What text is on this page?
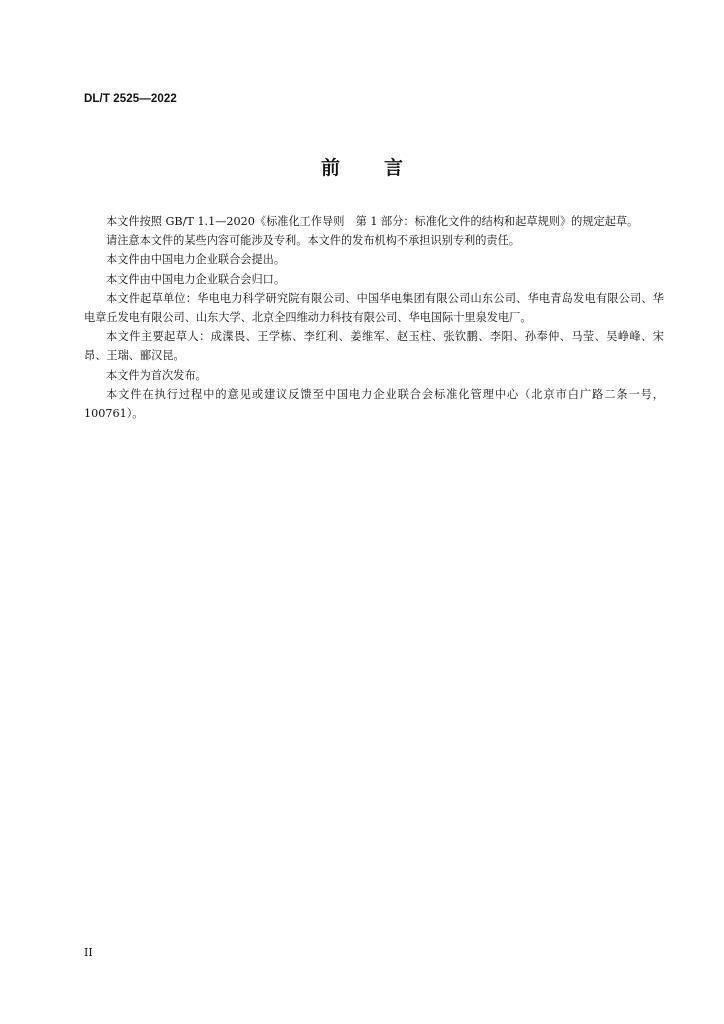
DL/T 2525—2022
前言

本文件按照 GB/T 1.1—2020《标准化工作导则　第 1 部分：标准化文件的结构和起草规则》的规定起草。

请注意本文件的某些内容可能涉及专利。本文件的发布机构不承担识别专利的责任。

本文件由中国电力企业联合会提出。

本文件由中国电力企业联合会归口。

本文件起草单位：华电电力科学研究院有限公司、中国华电集团有限公司山东公司、华电青岛发电有限公司、华电章丘发电有限公司、山东大学、北京全四维动力科技有限公司、华电国际十里泉发电厂。

本文件主要起草人：成渫畏、王学栋、李红利、姜维军、赵玉柱、张钦鹏、李阳、孙奉仲、马莹、吴峥峰、宋昂、王瑞、郦汉昆。

本文件为首次发布。

本文件在执行过程中的意见或建议反馈至中国电力企业联合会标准化管理中心（北京市白广路二条一号，100761）。

II
